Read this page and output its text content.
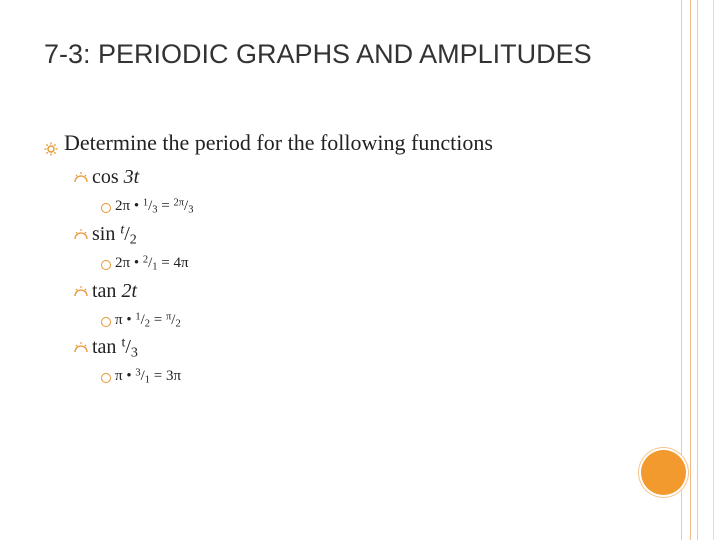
7-3: PERIODIC GRAPHS AND AMPLITUDES
Determine the period for the following functions
cos 3t
2π • $^1/_3 = ^{2\pi}/_3$
$\sin ^t/_2$
2π • $^2/_1 = 4\pi$
tan 2t
π • $^1/_2 = ^\pi/_2$
$\tan ^t/_3$
π • $^3/_1 = 3\pi$
